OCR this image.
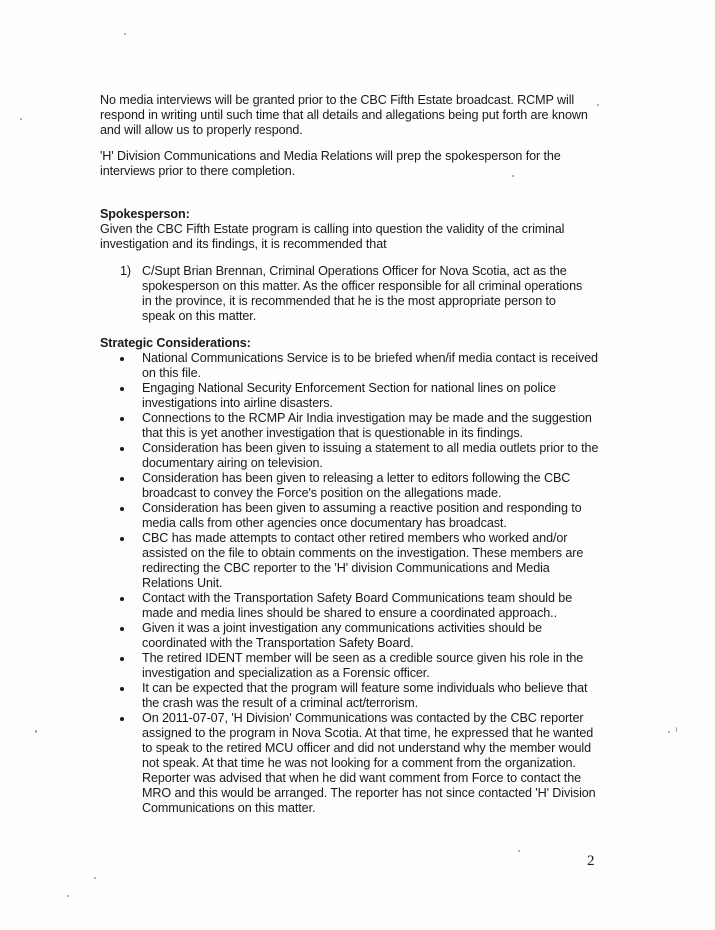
No media interviews will be granted prior to the CBC Fifth Estate broadcast. RCMP will respond in writing until such time that all details and allegations being put forth are known and will allow us to properly respond.

'H' Division Communications and Media Relations will prep the spokesperson for the interviews prior to there completion.

Spokesperson:
Given the CBC Fifth Estate program is calling into question the validity of the criminal investigation and its findings, it is recommended that
1) C/Supt Brian Brennan, Criminal Operations Officer for Nova Scotia, act as the spokesperson on this matter. As the officer responsible for all criminal operations in the province, it is recommended that he is the most appropriate person to speak on this matter.
Strategic Considerations:
National Communications Service is to be briefed when/if media contact is received on this file.
Engaging National Security Enforcement Section for national lines on police investigations into airline disasters.
Connections to the RCMP Air India investigation may be made and the suggestion that this is yet another investigation that is questionable in its findings.
Consideration has been given to issuing a statement to all media outlets prior to the documentary airing on television.
Consideration has been given to releasing a letter to editors following the CBC broadcast to convey the Force's position on the allegations made.
Consideration has been given to assuming a reactive position and responding to media calls from other agencies once documentary has broadcast.
CBC has made attempts to contact other retired members who worked and/or assisted on the file to obtain comments on the investigation. These members are redirecting the CBC reporter to the 'H' division Communications and Media Relations Unit.
Contact with the Transportation Safety Board Communications team should be made and media lines should be shared to ensure a coordinated approach..
Given it was a joint investigation any communications activities should be coordinated with the Transportation Safety Board.
The retired IDENT member will be seen as a credible source given his role in the investigation and specialization as a Forensic officer.
It can be expected that the program will feature some individuals who believe that the crash was the result of a criminal act/terrorism.
On 2011-07-07, 'H Division' Communications was contacted by the CBC reporter assigned to the program in Nova Scotia. At that time, he expressed that he wanted to speak to the retired MCU officer and did not understand why the member would not speak. At that time he was not looking for a comment from the organization. Reporter was advised that when he did want comment from Force to contact the MRO and this would be arranged. The reporter has not since contacted 'H' Division Communications on this matter.
2
